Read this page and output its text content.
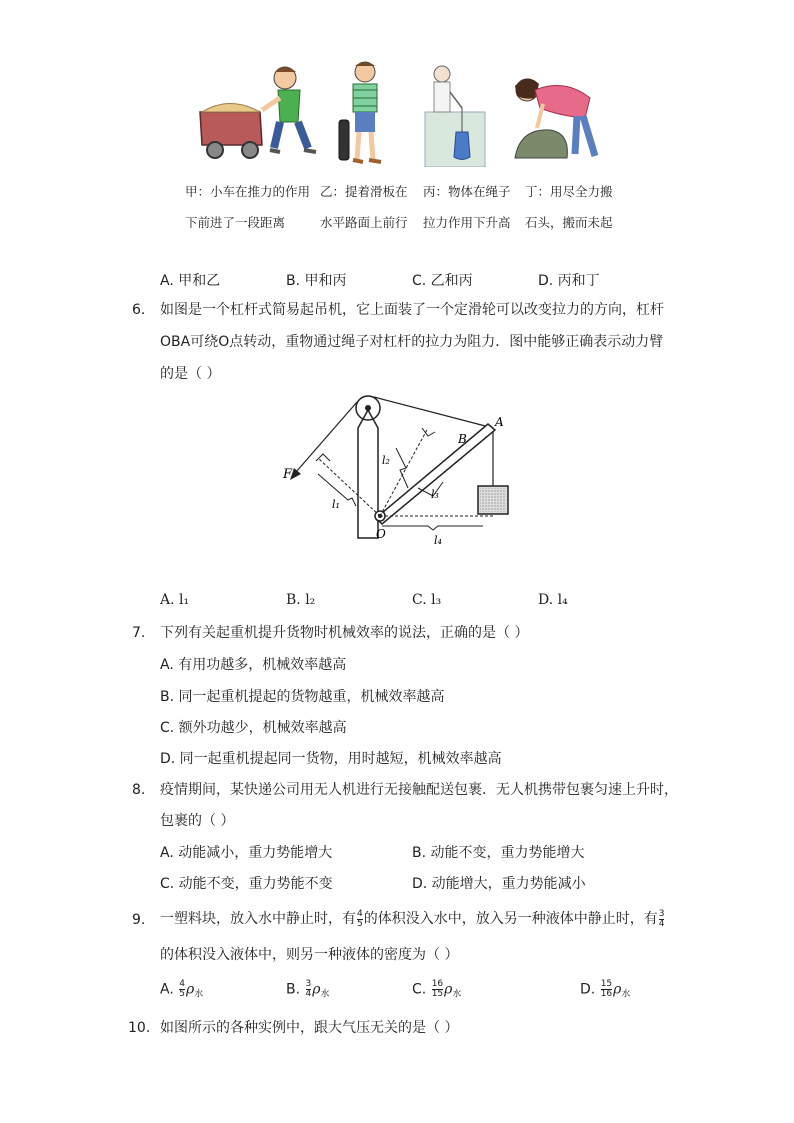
甲：小车在推力的作用
下前进了一段距离
乙：提着滑板在
水平路面上前行
丙：物体在绳子
拉力作用下升高
丁：用尽全力搬
石头，搬而未起
A. 甲和乙	B. 甲和丙	C. 乙和丙	D. 丙和丁
6. 如图是一个杠杆式简易起吊机，它上面装了一个定滑轮可以改变拉力的方向，杠杆
OBA可绕O点转动，重物通过绳子对杠杆的拉力为阻力．图中能够正确表示动力臂
的是（ ）
F
A
B
O
l₁
l₂
l₃
l₄
A. l₁	B. l₂	C. l₃	D. l₄
7. 下列有关起重机提升货物时机械效率的说法，正确的是（ ）
A. 有用功越多，机械效率越高
B. 同一起重机提起的货物越重，机械效率越高
C. 额外功越少，机械效率越高
D. 同一起重机提起同一货物，用时越短，机械效率越高
8. 疫情期间，某快递公司用无人机进行无接触配送包裹．无人机携带包裹匀速上升时，
包裹的（ ）
A. 动能减小，重力势能增大	B. 动能不变，重力势能增大
C. 动能不变，重力势能不变	D. 动能增大，重力势能减小
9. 一塑料块，放入水中静止时，有 $\frac{4}{5}$ 的体积没入水中，放入另一种液体中静止时，有 $\frac{3}{4}$
的体积没入液体中，则另一种液体的密度为（ ）
A. $\frac{4}{5} \rho_水$	B. $\frac{3}{4} \rho_水$	C. $\frac{16}{15} \rho_水$	D. $\frac{15}{16} \rho_水$
10. 如图所示的各种实例中，跟大气压无关的是（ ）
